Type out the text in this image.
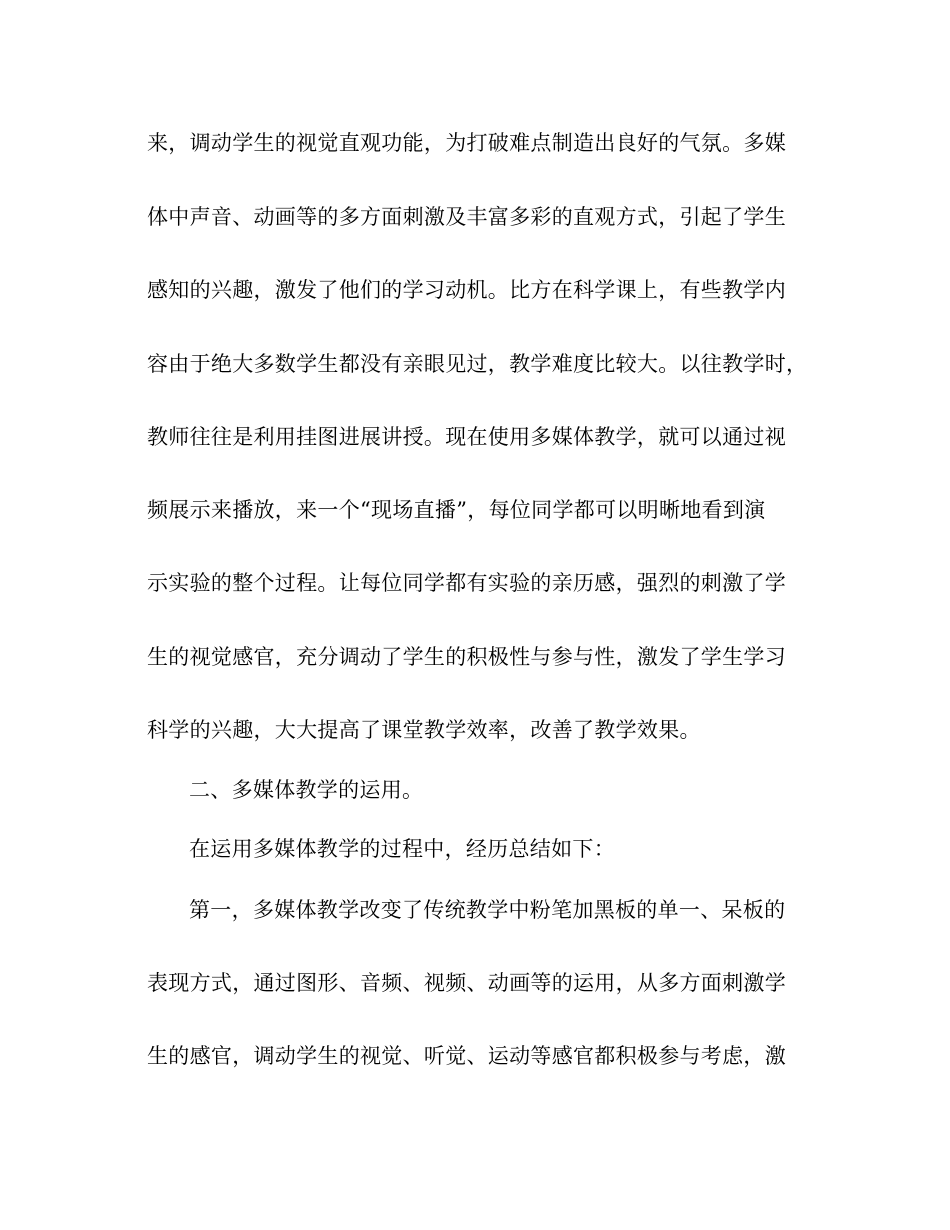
来，调动学生的视觉直观功能，为打破难点制造出良好的气氛。多媒
体中声音、动画等的多方面刺激及丰富多彩的直观方式，引起了学生
感知的兴趣，激发了他们的学习动机。比方在科学课上，有些教学内
容由于绝大多数学生都没有亲眼见过，教学难度比较大。以往教学时，
教师往往是利用挂图进展讲授。现在使用多媒体教学，就可以通过视
频展示来播放，来一个“现场直播”，每位同学都可以明晰地看到演
示实验的整个过程。让每位同学都有实验的亲历感，强烈的刺激了学
生的视觉感官，充分调动了学生的积极性与参与性，激发了学生学习
科学的兴趣，大大提高了课堂教学效率，改善了教学效果。
二、多媒体教学的运用。
在运用多媒体教学的过程中，经历总结如下：
第一，多媒体教学改变了传统教学中粉笔加黑板的单一、呆板的
表现方式，通过图形、音频、视频、动画等的运用，从多方面刺激学
生的感官，调动学生的视觉、听觉、运动等感官都积极参与考虑，激
